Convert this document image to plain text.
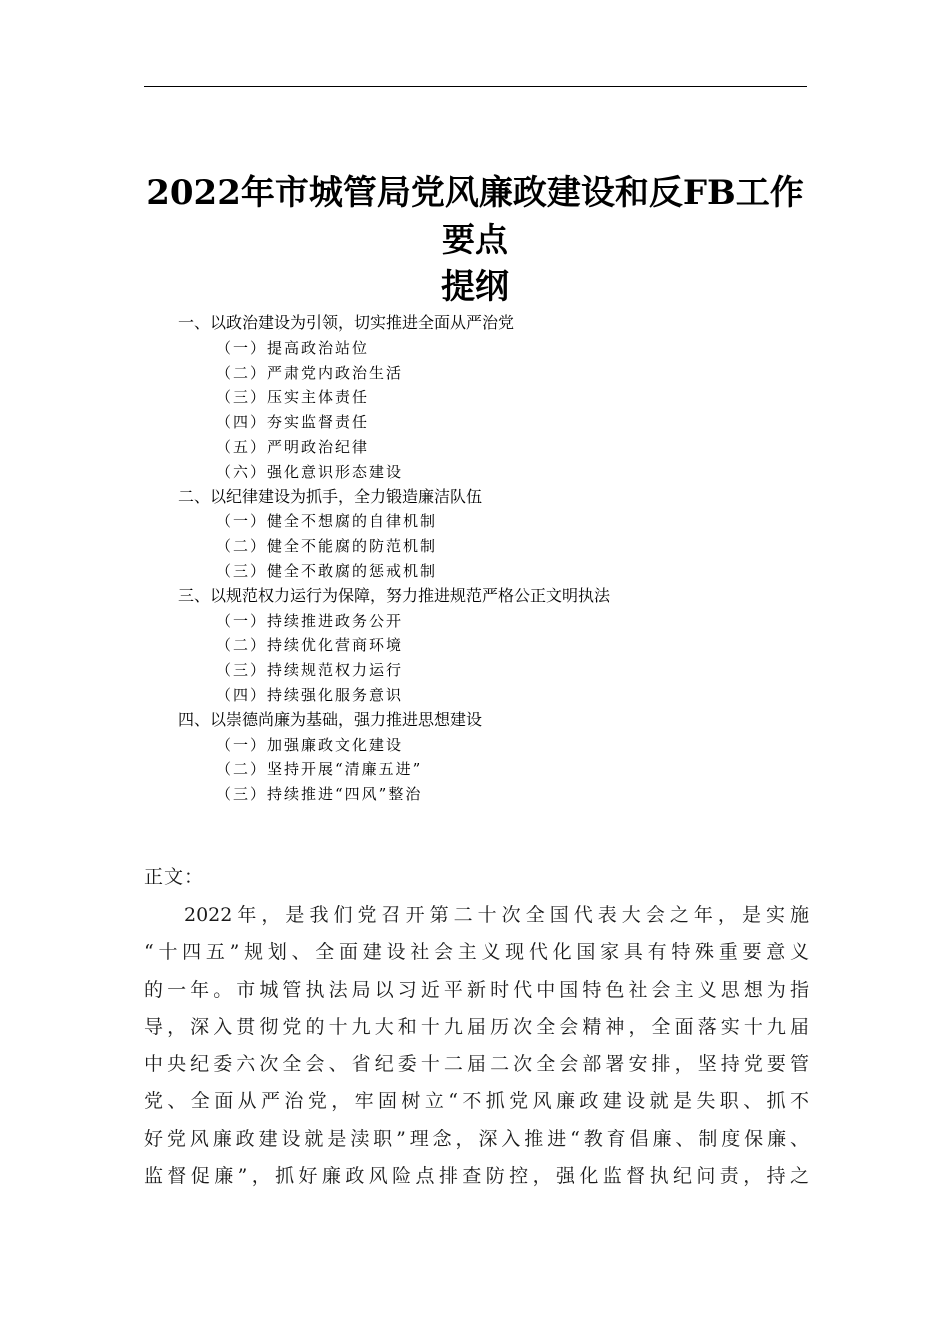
2022年市城管局党风廉政建设和反FB工作
要点
提纲
一、以政治建设为引领，切实推进全面从严治党
（一）提高政治站位
（二）严肃党内政治生活
（三）压实主体责任
（四）夯实监督责任
（五）严明政治纪律
（六）强化意识形态建设
二、以纪律建设为抓手，全力锻造廉洁队伍
（一）健全不想腐的自律机制
（二）健全不能腐的防范机制
（三）健全不敢腐的惩戒机制
三、以规范权力运行为保障，努力推进规范严格公正文明执法
（一）持续推进政务公开
（二）持续优化营商环境
（三）持续规范权力运行
（四）持续强化服务意识
四、以崇德尚廉为基础，强力推进思想建设
（一）加强廉政文化建设
（二）坚持开展“清廉五进”
（三）持续推进“四风”整治
正文：
2022年，是我们党召开第二十次全国代表大会之年，是实施
“十四五”规划、全面建设社会主义现代化国家具有特殊重要意义
的一年。市城管执法局以习近平新时代中国特色社会主义思想为指
导，深入贯彻党的十九大和十九届历次全会精神，全面落实十九届
中央纪委六次全会、省纪委十二届二次全会部署安排，坚持党要管
党、全面从严治党，牢固树立“不抓党风廉政建设就是失职、抓不
好党风廉政建设就是渎职”理念，深入推进“教育倡廉、制度保廉、
监督促廉”，抓好廉政风险点排查防控，强化监督执纪问责，持之
